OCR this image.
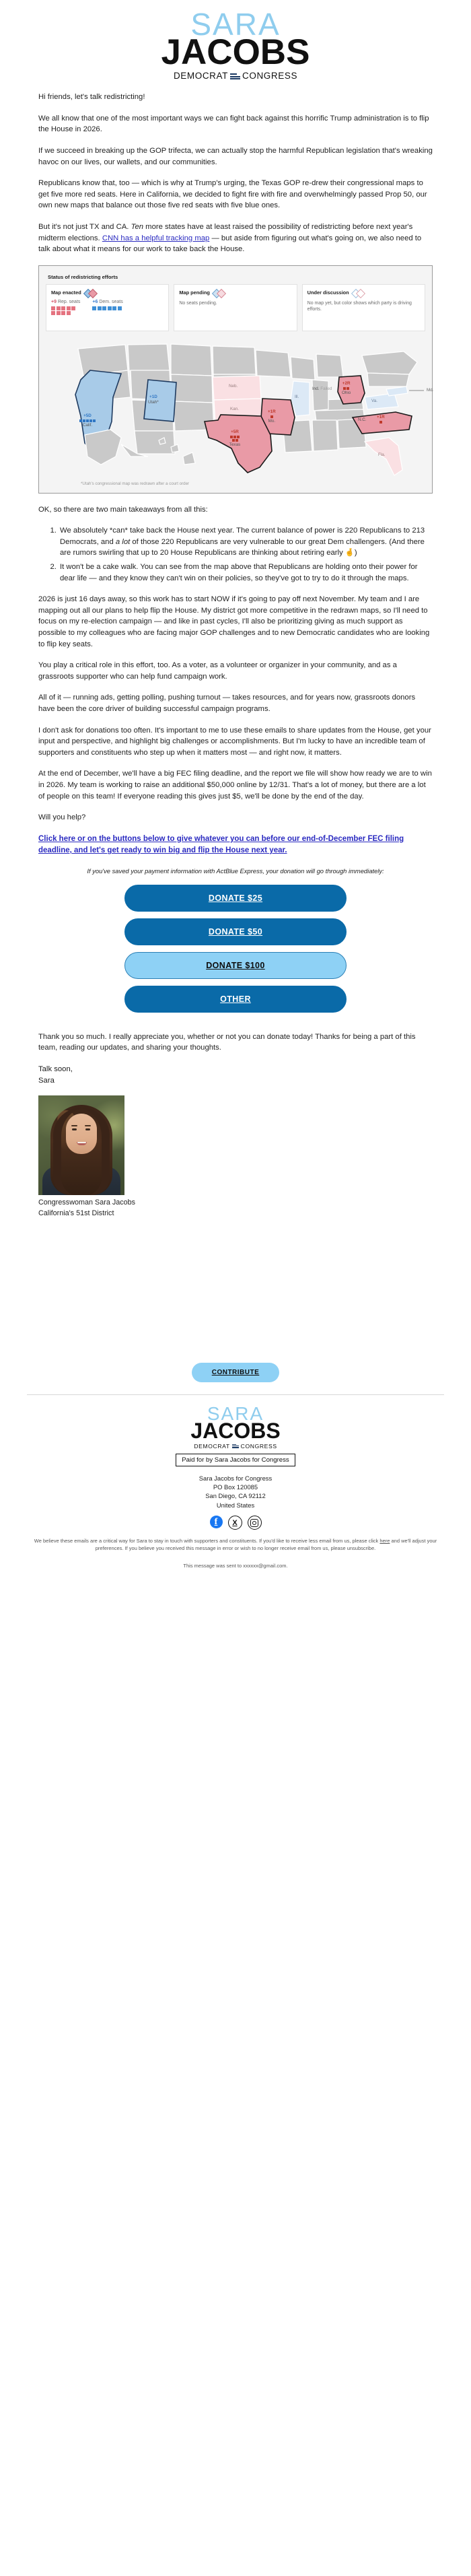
SARA
JACOBS
DEMOCRAT CONGRESS

Hi friends, let's talk redistricting!

We all know that one of the most important ways we can fight back against this horrific Trump administration is to flip the House in 2026.

If we succeed in breaking up the GOP trifecta, we can actually stop the harmful Republican legislation that's wreaking havoc on our lives, our wallets, and our communities.

Republicans know that, too — which is why at Trump's urging, the Texas GOP re-drew their congressional maps to get five more red seats. Here in California, we decided to fight fire with fire and overwhelmingly passed Prop 50, our own new maps that balance out those five red seats with five blue ones.

But it's not just TX and CA. Ten more states have at least raised the possibility of redistricting before next year's midterm elections. CNN has a helpful tracking map — but aside from figuring out what's going on, we also need to talk about what it means for our work to take back the House.

Status of redistricting efforts
Map enacted
+9 Rep. seats	+6 Dem. seats
Map pending
No seats pending.
Under discussion
No map yet, but color shows which party is driving efforts.
+5D
Calif.
+1D
Utah*
+5R
Texas
+1R
Mo.
+2R
Ohio
N.C.
+1R
Neb.
Kan.
Fla.
Ill.
Va.
Md.
Ind. Failed
*Utah's congressional map was redrawn after a court order

OK, so there are two main takeaways from all this:

1. We absolutely *can* take back the House next year. The current balance of power is 220 Republicans to 213 Democrats, and a lot of those 220 Republicans are very vulnerable to our great Dem challengers. (And there are rumors swirling that up to 20 House Republicans are thinking about retiring early 🤞)
2. It won't be a cake walk. You can see from the map above that Republicans are holding onto their power for dear life — and they know they can't win on their policies, so they've got to try to do it through the maps.

2026 is just 16 days away, so this work has to start NOW if it's going to pay off next November. My team and I are mapping out all our plans to help flip the House. My district got more competitive in the redrawn maps, so I'll need to focus on my re-election campaign — and like in past cycles, I'll also be prioritizing giving as much support as possible to my colleagues who are facing major GOP challenges and to new Democratic candidates who are looking to flip key seats.

You play a critical role in this effort, too. As a voter, as a volunteer or organizer in your community, and as a grassroots supporter who can help fund campaign work.

All of it — running ads, getting polling, pushing turnout — takes resources, and for years now, grassroots donors have been the core driver of building successful campaign programs.

I don't ask for donations too often. It's important to me to use these emails to share updates from the House, get your input and perspective, and highlight big challenges or accomplishments. But I'm lucky to have an incredible team of supporters and constituents who step up when it matters most — and right now, it matters.

At the end of December, we'll have a big FEC filing deadline, and the report we file will show how ready we are to win in 2026. My team is working to raise an additional $50,000 online by 12/31. That's a lot of money, but there are a lot of people on this team! If everyone reading this gives just $5, we'll be done by the end of the day.

Will you help?

Click here or on the buttons below to give whatever you can before our end-of-December FEC filing deadline, and let's get ready to win big and flip the House next year.

If you've saved your payment information with ActBlue Express, your donation will go through immediately:

DONATE $25
DONATE $50
DONATE $100
OTHER

Thank you so much. I really appreciate you, whether or not you can donate today! Thanks for being a part of this team, reading our updates, and sharing your thoughts.

Talk soon,
Sara

Congresswoman Sara Jacobs
California's 51st District

CONTRIBUTE
SARA
JACOBS
DEMOCRAT CONGRESS
Paid for by Sara Jacobs for Congress
Sara Jacobs for Congress
PO Box 120085
San Diego, CA 92112
United States
f	X
We believe these emails are a critical way for Sara to stay in touch with supporters and constituents. If you'd like to receive less email from us, please click here and we'll adjust your preferences. If you believe you received this message in error or wish to no longer receive email from us, please unsubscribe.
This message was sent to xxxxxx@gmail.com.
